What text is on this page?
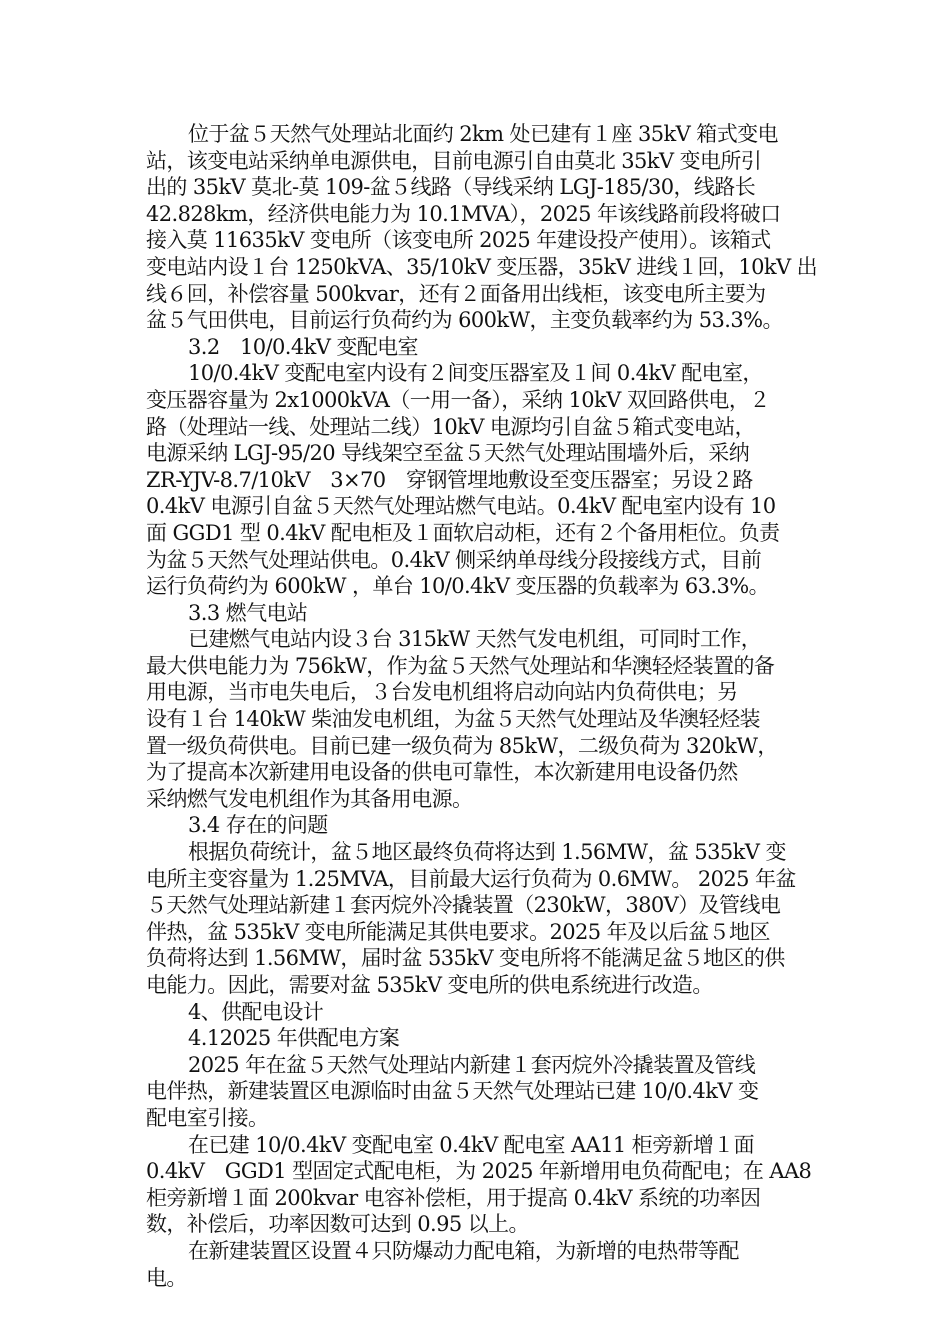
位于盆５天然气处理站北面约 2km 处已建有１座 35kV 箱式变电
站，该变电站采纳单电源供电，目前电源引自由莫北 35kV 变电所引
出的 35kV 莫北-莫 109-盆５线路（导线采纳 LGJ-185/30，线路长
42.828km，经济供电能力为 10.1MVA），2025 年该线路前段将破口
接入莫 11635kV 变电所（该变电所 2025 年建设投产使用）。该箱式
变电站内设１台 1250kVA、35/10kV 变压器，35kV 进线１回，10kV 出
线６回，补偿容量 500kvar，还有２面备用出线柜，该变电所主要为
盆５气田供电，目前运行负荷约为 600kW，主变负载率约为 53.3%。
3.2　10/0.4kV 变配电室
10/0.4kV 变配电室内设有２间变压器室及１间 0.4kV 配电室，
变压器容量为 2x1000kVA（一用一备），采纳 10kV 双回路供电，２
路（处理站一线、处理站二线）10kV 电源均引自盆５箱式变电站，
电源采纳 LGJ-95/20 导线架空至盆５天然气处理站围墙外后，采纳
ZR-YJV-8.7/10kV　3×70　穿钢管埋地敷设至变压器室；另设２路
0.4kV 电源引自盆５天然气处理站燃气电站。0.4kV 配电室内设有 10
面 GGD1 型 0.4kV 配电柜及１面软启动柜，还有２个备用柜位。负责
为盆５天然气处理站供电。0.4kV 侧采纳单母线分段接线方式，目前
运行负荷约为 600kW ，单台 10/0.4kV 变压器的负载率为 63.3%。
3.3 燃气电站
已建燃气电站内设３台 315kW 天然气发电机组，可同时工作，
最大供电能力为 756kW，作为盆５天然气处理站和华澳轻烃装置的备
用电源，当市电失电后，３台发电机组将启动向站内负荷供电；另
设有１台 140kW 柴油发电机组，为盆５天然气处理站及华澳轻烃装
置一级负荷供电。目前已建一级负荷为 85kW，二级负荷为 320kW，
为了提高本次新建用电设备的供电可靠性，本次新建用电设备仍然
采纳燃气发电机组作为其备用电源。
3.4 存在的问题
根据负荷统计，盆５地区最终负荷将达到 1.56MW，盆 535kV 变
电所主变容量为 1.25MVA，目前最大运行负荷为 0.6MW。 2025 年盆
５天然气处理站新建１套丙烷外冷撬装置（230kW，380V）及管线电
伴热，盆 535kV 变电所能满足其供电要求。2025 年及以后盆５地区
负荷将达到 1.56MW，届时盆 535kV 变电所将不能满足盆５地区的供
电能力。因此，需要对盆 535kV 变电所的供电系统进行改造。
4、供配电设计
4.12025 年供配电方案
2025 年在盆５天然气处理站内新建１套丙烷外冷撬装置及管线
电伴热，新建装置区电源临时由盆５天然气处理站已建 10/0.4kV 变
配电室引接。
在已建 10/0.4kV 变配电室 0.4kV 配电室 AA11 柜旁新增１面
0.4kV　GGD1 型固定式配电柜，为 2025 年新增用电负荷配电；在 AA8
柜旁新增１面 200kvar 电容补偿柜，用于提高 0.4kV 系统的功率因
数，补偿后，功率因数可达到 0.95 以上。
在新建装置区设置４只防爆动力配电箱，为新增的电热带等配
电。
